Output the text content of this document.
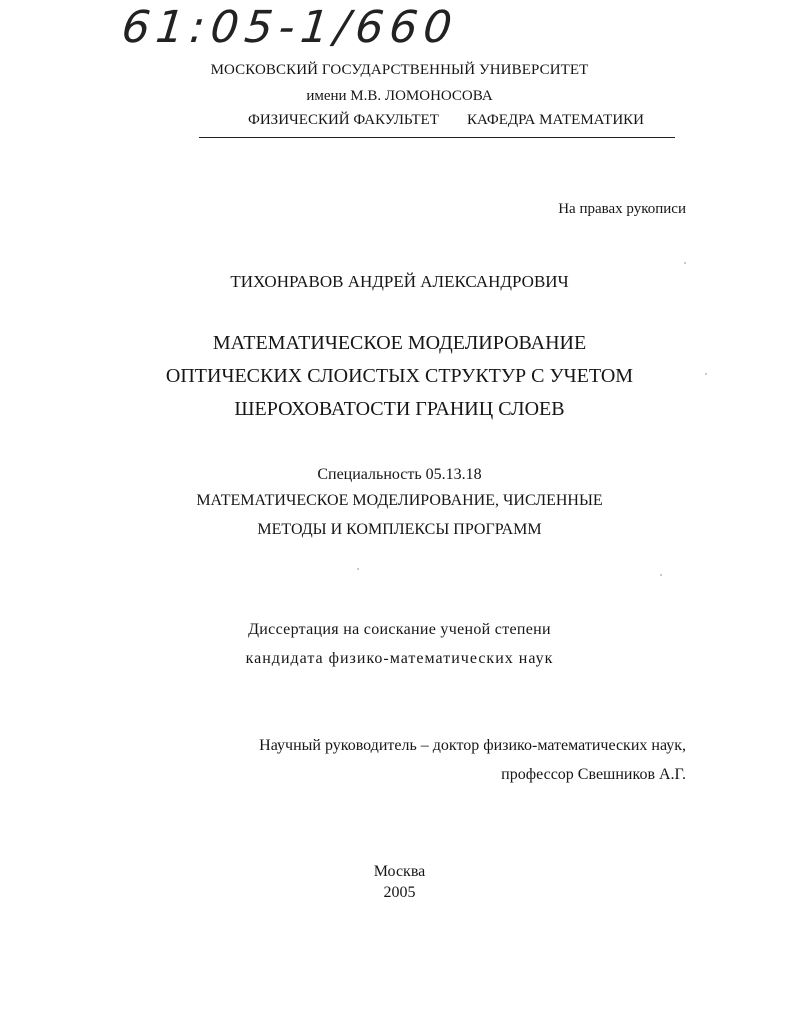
61:05-1/660
МОСКОВСКИЙ ГОСУДАРСТВЕННЫЙ УНИВЕРСИТЕТ
имени М.В. ЛОМОНОСОВА
ФИЗИЧЕСКИЙ ФАКУЛЬТЕТ КАФЕДРА МАТЕМАТИКИ
На правах рукописи
ТИХОНРАВОВ АНДРЕЙ АЛЕКСАНДРОВИЧ
МАТЕМАТИЧЕСКОЕ МОДЕЛИРОВАНИЕ
ОПТИЧЕСКИХ СЛОИСТЫХ СТРУКТУР С УЧЕТОМ
ШЕРОХОВАТОСТИ ГРАНИЦ СЛОЕВ
Специальность 05.13.18
МАТЕМАТИЧЕСКОЕ МОДЕЛИРОВАНИЕ, ЧИСЛЕННЫЕ
МЕТОДЫ И КОМПЛЕКСЫ ПРОГРАММ
Диссертация на соискание ученой степени
кандидата физико-математических наук
Научный руководитель – доктор физико-математических наук,
профессор Свешников А.Г.
Москва
2005
